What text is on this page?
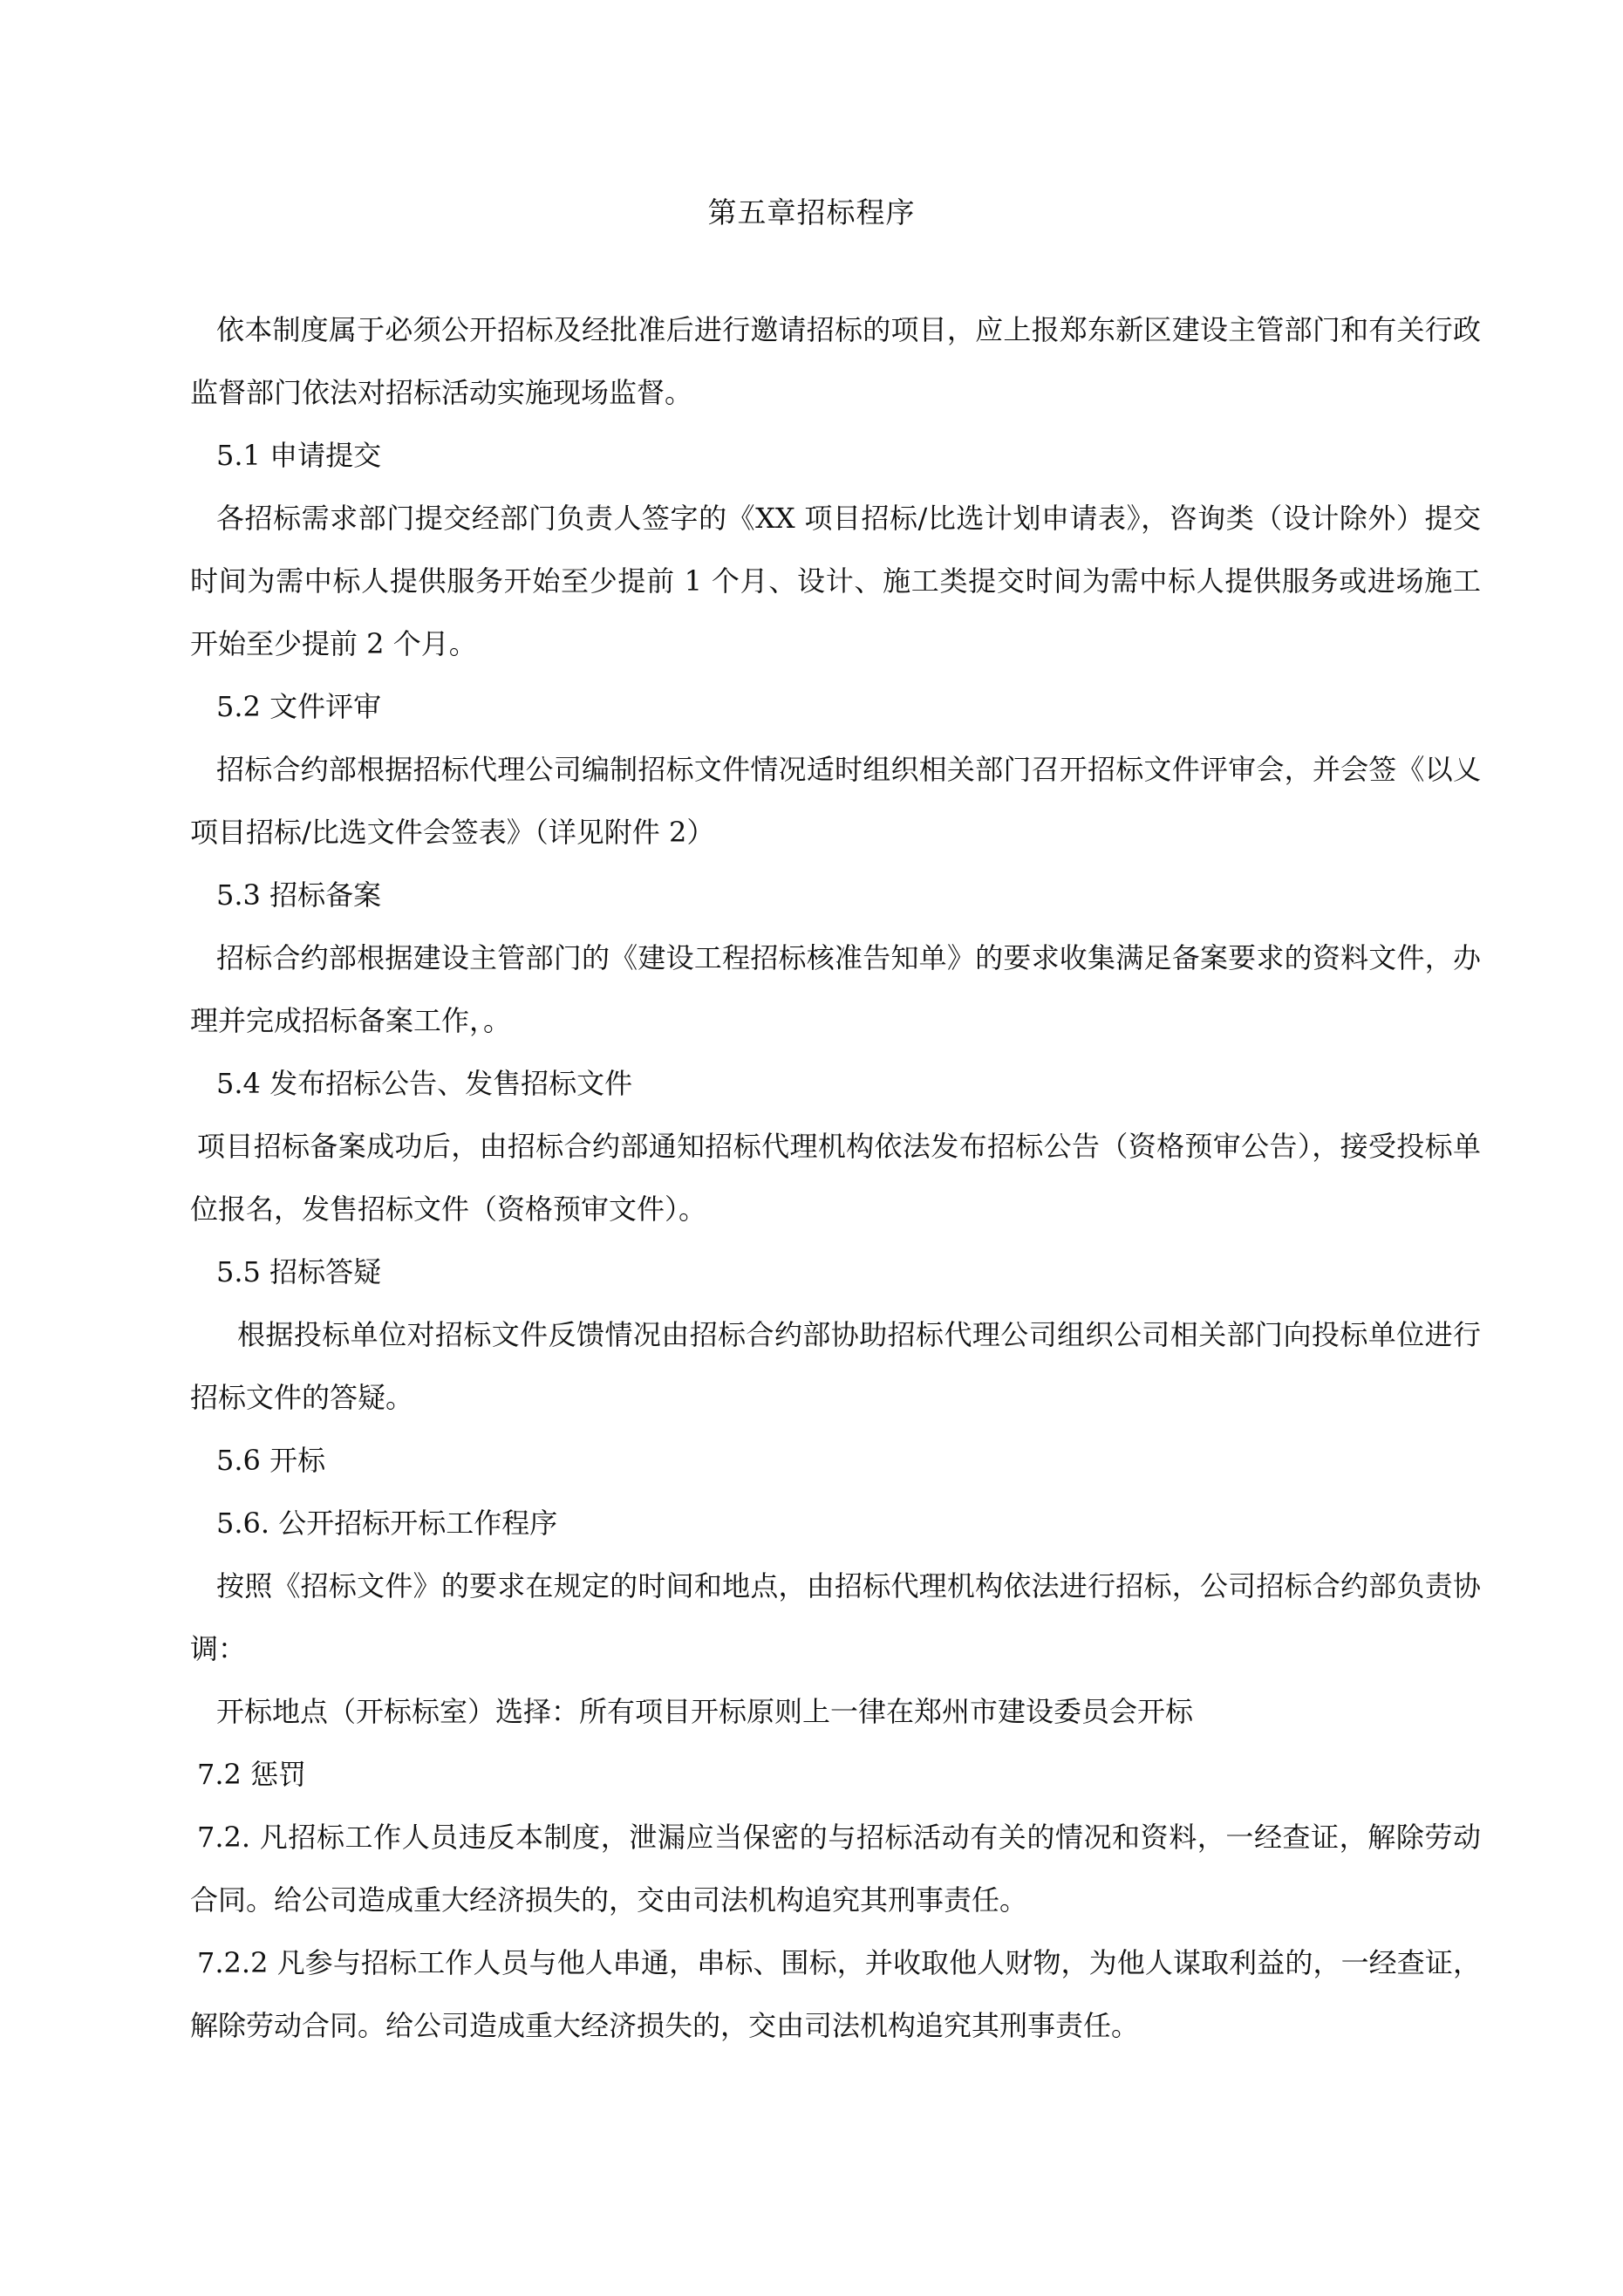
第五章招标程序

依本制度属于必须公开招标及经批准后进行邀请招标的项目，应上报郑东新区建设主管部门和有关行政监督部门依法对招标活动实施现场监督。

5.1 申请提交

各招标需求部门提交经部门负责人签字的《XX 项目招标/比选计划申请表》，咨询类（设计除外）提交时间为需中标人提供服务开始至少提前 1 个月、设计、施工类提交时间为需中标人提供服务或进场施工开始至少提前 2 个月。

5.2 文件评审

招标合约部根据招标代理公司编制招标文件情况适时组织相关部门召开招标文件评审会，并会签《以乂项目招标/比选文件会签表》（详见附件 2）

5.3 招标备案

招标合约部根据建设主管部门的《建设工程招标核准告知单》的要求收集满足备案要求的资料文件，办理并完成招标备案工作，。

5.4 发布招标公告、发售招标文件

项目招标备案成功后，由招标合约部通知招标代理机构依法发布招标公告（资格预审公告），接受投标单位报名，发售招标文件（资格预审文件）。

5.5 招标答疑

根据投标单位对招标文件反馈情况由招标合约部协助招标代理公司组织公司相关部门向投标单位进行招标文件的答疑。

5.6 开标

5.6. 公开招标开标工作程序

按照《招标文件》的要求在规定的时间和地点，由招标代理机构依法进行招标，公司招标合约部负责协调：

开标地点（开标标室）选择：所有项目开标原则上一律在郑州市建设委员会开标

7.2 惩罚

7.2. 凡招标工作人员违反本制度，泄漏应当保密的与招标活动有关的情况和资料，一经查证，解除劳动合同。给公司造成重大经济损失的，交由司法机构追究其刑事责任。

7.2.2 凡参与招标工作人员与他人串通，串标、围标，并收取他人财物，为他人谋取利益的，一经查证，解除劳动合同。给公司造成重大经济损失的，交由司法机构追究其刑事责任。
